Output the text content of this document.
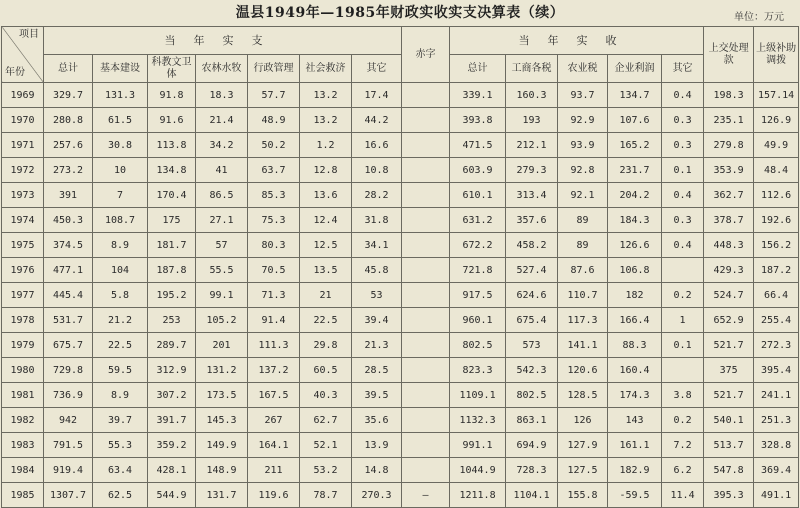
温县1949年—1985年财政实收实支决算表（续）	单位：万元
项目
年份	当年实支							赤字	当年实收					上交处理款	上级补助调拨
	总计	基本建设	科教文卫体	农林水牧	行政管理	社会救济	其它		总计	工商各税	农业税	企业利润	其它		
1969	329.7	131.3	91.8	18.3	57.7	13.2	17.4		339.1	160.3	93.7	134.7	0.4	198.3	157.14
1970	280.8	61.5	91.6	21.4	48.9	13.2	44.2		393.8	193	92.9	107.6	0.3	235.1	126.9
1971	257.6	30.8	113.8	34.2	50.2	1.2	16.6		471.5	212.1	93.9	165.2	0.3	279.8	49.9
1972	273.2	10	134.8	41	63.7	12.8	10.8		603.9	279.3	92.8	231.7	0.1	353.9	48.4
1973	391	7	170.4	86.5	85.3	13.6	28.2		610.1	313.4	92.1	204.2	0.4	362.7	112.6
1974	450.3	108.7	175	27.1	75.3	12.4	31.8		631.2	357.6	89	184.3	0.3	378.7	192.6
1975	374.5	8.9	181.7	57	80.3	12.5	34.1		672.2	458.2	89	126.6	0.4	448.3	156.2
1976	477.1	104	187.8	55.5	70.5	13.5	45.8		721.8	527.4	87.6	106.8		429.3	187.2
1977	445.4	5.8	195.2	99.1	71.3	21	53		917.5	624.6	110.7	182	0.2	524.7	66.4
1978	531.7	21.2	253	105.2	91.4	22.5	39.4		960.1	675.4	117.3	166.4	1	652.9	255.4
1979	675.7	22.5	289.7	201	111.3	29.8	21.3		802.5	573	141.1	88.3	0.1	521.7	272.3
1980	729.8	59.5	312.9	131.2	137.2	60.5	28.5		823.3	542.3	120.6	160.4		375	395.4
1981	736.9	8.9	307.2	173.5	167.5	40.3	39.5		1109.1	802.5	128.5	174.3	3.8	521.7	241.1
1982	942	39.7	391.7	145.3	267	62.7	35.6		1132.3	863.1	126	143	0.2	540.1	251.3
1983	791.5	55.3	359.2	149.9	164.1	52.1	13.9		991.1	694.9	127.9	161.1	7.2	513.7	328.8
1984	919.4	63.4	428.1	148.9	211	53.2	14.8		1044.9	728.3	127.5	182.9	6.2	547.8	369.4
1985	1307.7	62.5	544.9	131.7	119.6	78.7	270.3	—	1211.8	1104.1	155.8	-59.5	11.4	395.3	491.1
